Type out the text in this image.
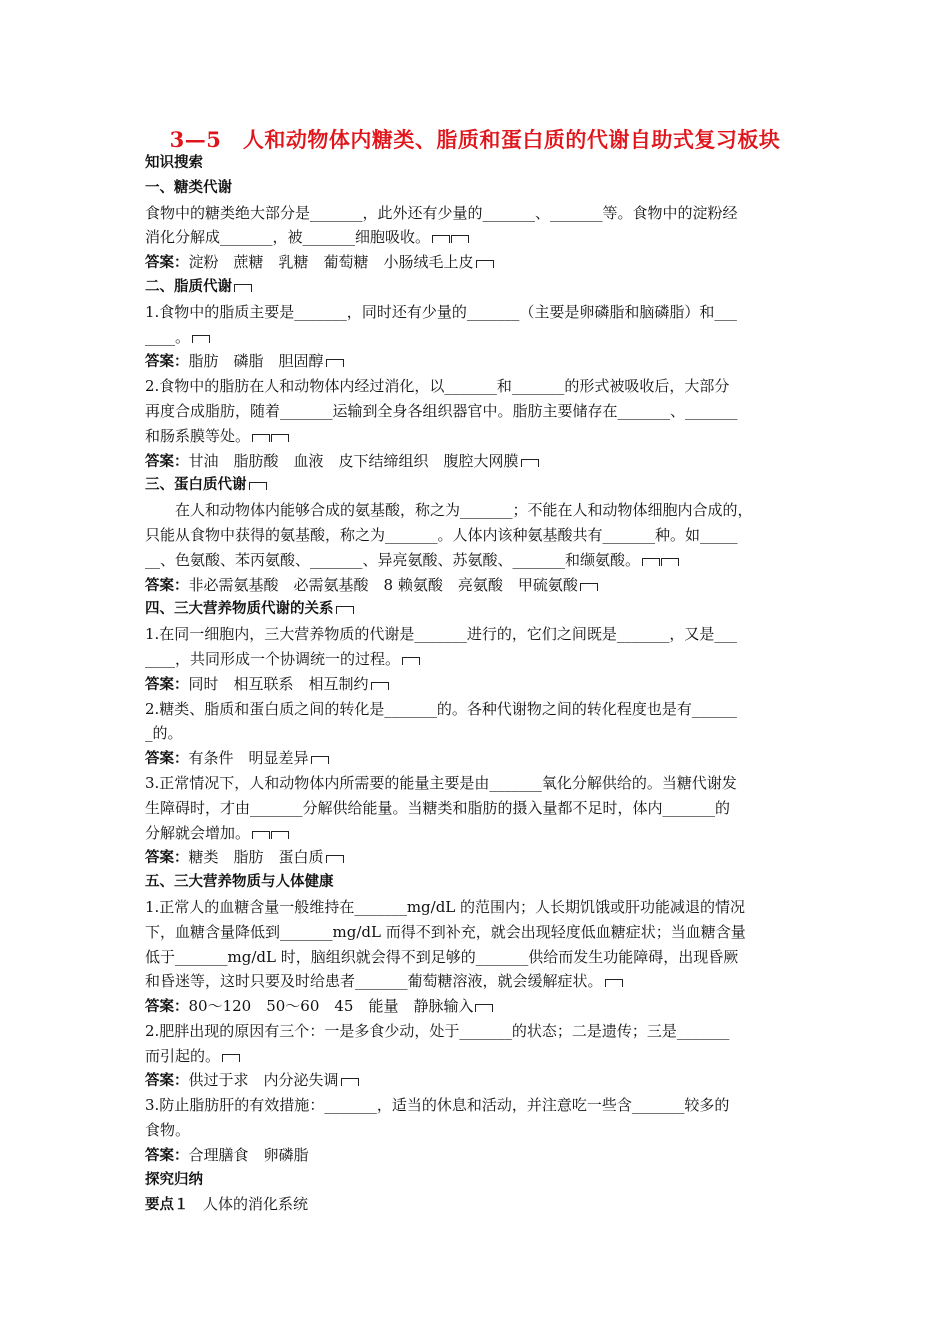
3—5　人和动物体内糖类、脂质和蛋白质的代谢自助式复习板块
知识搜索
一、糖类代谢
食物中的糖类绝大部分是_______，此外还有少量的_______、_______等。食物中的淀粉经
消化分解成_______，被_______细胞吸收。
答案：淀粉　蔗糖　乳糖　葡萄糖　小肠绒毛上皮
二、脂质代谢
1.食物中的脂质主要是_______，同时还有少量的_______（主要是卵磷脂和脑磷脂）和___
____。
答案：脂肪　磷脂　胆固醇
2.食物中的脂肪在人和动物体内经过消化，以_______和_______的形式被吸收后，大部分
再度合成脂肪，随着_______运输到全身各组织器官中。脂肪主要储存在_______、_______
和肠系膜等处。
答案：甘油　脂肪酸　血液　皮下结缔组织　腹腔大网膜
三、蛋白质代谢
在人和动物体内能够合成的氨基酸，称之为_______；不能在人和动物体细胞内合成的，
只能从食物中获得的氨基酸，称之为_______。人体内该种氨基酸共有_______种。如_____
__、色氨酸、苯丙氨酸、_______、异亮氨酸、苏氨酸、_______和缬氨酸。
答案：非必需氨基酸　必需氨基酸　8 赖氨酸　亮氨酸　甲硫氨酸
四、三大营养物质代谢的关系
1.在同一细胞内，三大营养物质的代谢是_______进行的，它们之间既是_______，又是___
____，共同形成一个协调统一的过程。
答案：同时　相互联系　相互制约
2.糖类、脂质和蛋白质之间的转化是_______的。各种代谢物之间的转化程度也是有______
_的。
答案：有条件　明显差异
3.正常情况下，人和动物体内所需要的能量主要是由_______氧化分解供给的。当糖代谢发
生障碍时，才由_______分解供给能量。当糖类和脂肪的摄入量都不足时，体内_______的
分解就会增加。
答案：糖类　脂肪　蛋白质
五、三大营养物质与人体健康
1.正常人的血糖含量一般维持在_______mg/dL 的范围内；人长期饥饿或肝功能减退的情况
下，血糖含量降低到_______mg/dL 而得不到补充，就会出现轻度低血糖症状；当血糖含量
低于_______mg/dL 时，脑组织就会得不到足够的_______供给而发生功能障碍，出现昏厥
和昏迷等，这时只要及时给患者_______葡萄糖溶液，就会缓解症状。
答案：80～120　50～60　45　能量　静脉输入
2.肥胖出现的原因有三个：一是多食少动，处于_______的状态；二是遗传；三是_______
而引起的。
答案：供过于求　内分泌失调
3.防止脂肪肝的有效措施：_______，适当的休息和活动，并注意吃一些含_______较多的
食物。
答案：合理膳食　卵磷脂
探究归纳
要点１　人体的消化系统
